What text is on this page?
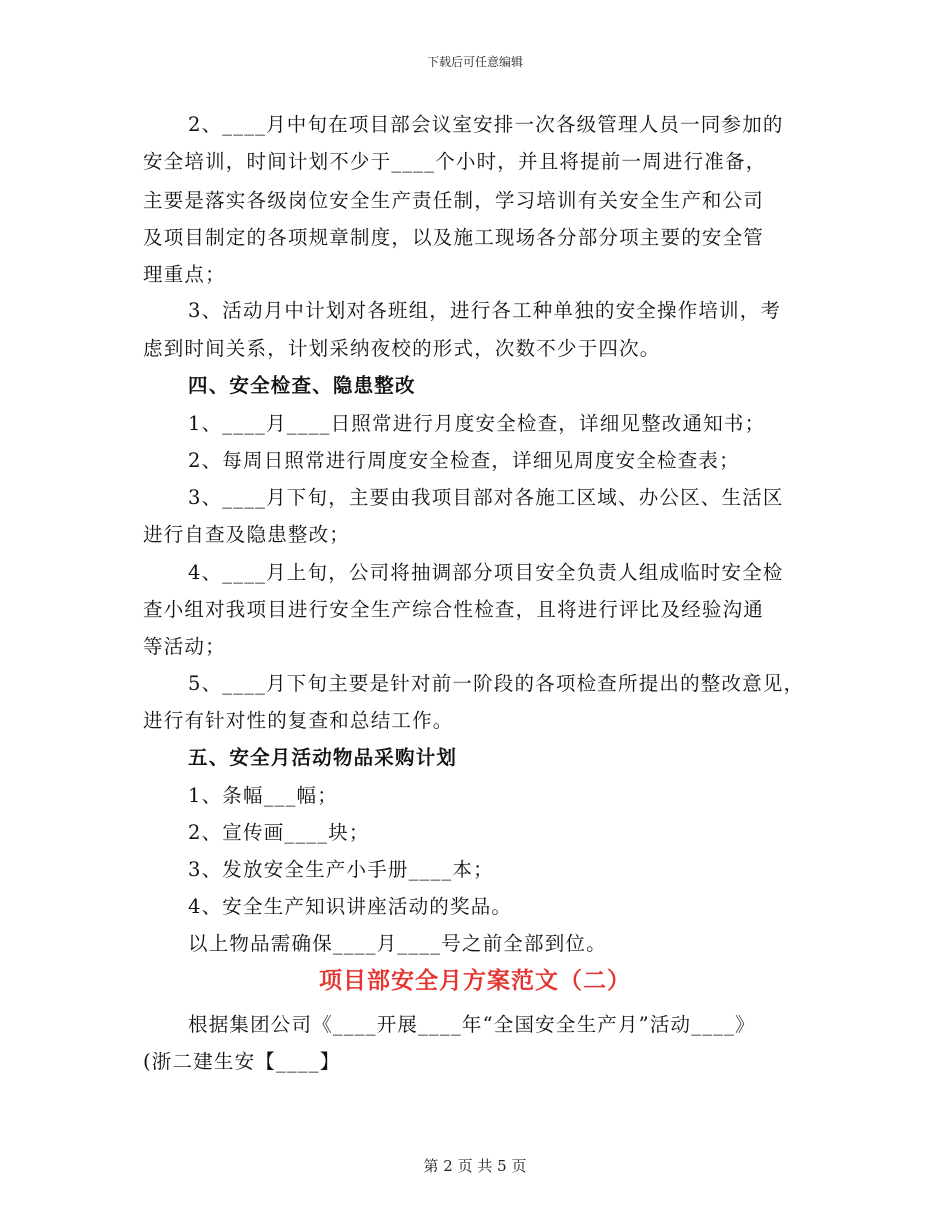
下载后可任意编辑
2、____月中旬在项目部会议室安排一次各级管理人员一同参加的
安全培训，时间计划不少于____个小时，并且将提前一周进行准备，
主要是落实各级岗位安全生产责任制，学习培训有关安全生产和公司
及项目制定的各项规章制度，以及施工现场各分部分项主要的安全管
理重点；
3、活动月中计划对各班组，进行各工种单独的安全操作培训，考
虑到时间关系，计划采纳夜校的形式，次数不少于四次。
四、安全检查、隐患整改
1、____月____日照常进行月度安全检查，详细见整改通知书；
2、每周日照常进行周度安全检查，详细见周度安全检查表；
3、____月下旬，主要由我项目部对各施工区域、办公区、生活区
进行自查及隐患整改；
4、____月上旬，公司将抽调部分项目安全负责人组成临时安全检
查小组对我项目进行安全生产综合性检查，且将进行评比及经验沟通
等活动；
5、____月下旬主要是针对前一阶段的各项检查所提出的整改意见，
进行有针对性的复查和总结工作。
五、安全月活动物品采购计划
1、条幅___幅；
2、宣传画____块；
3、发放安全生产小手册____本；
4、安全生产知识讲座活动的奖品。
以上物品需确保____月____号之前全部到位。
项目部安全月方案范文（二）
根据集团公司《____开展____年“全国安全生产月”活动____》
(浙二建生安【____】
第 2 页 共 5 页
